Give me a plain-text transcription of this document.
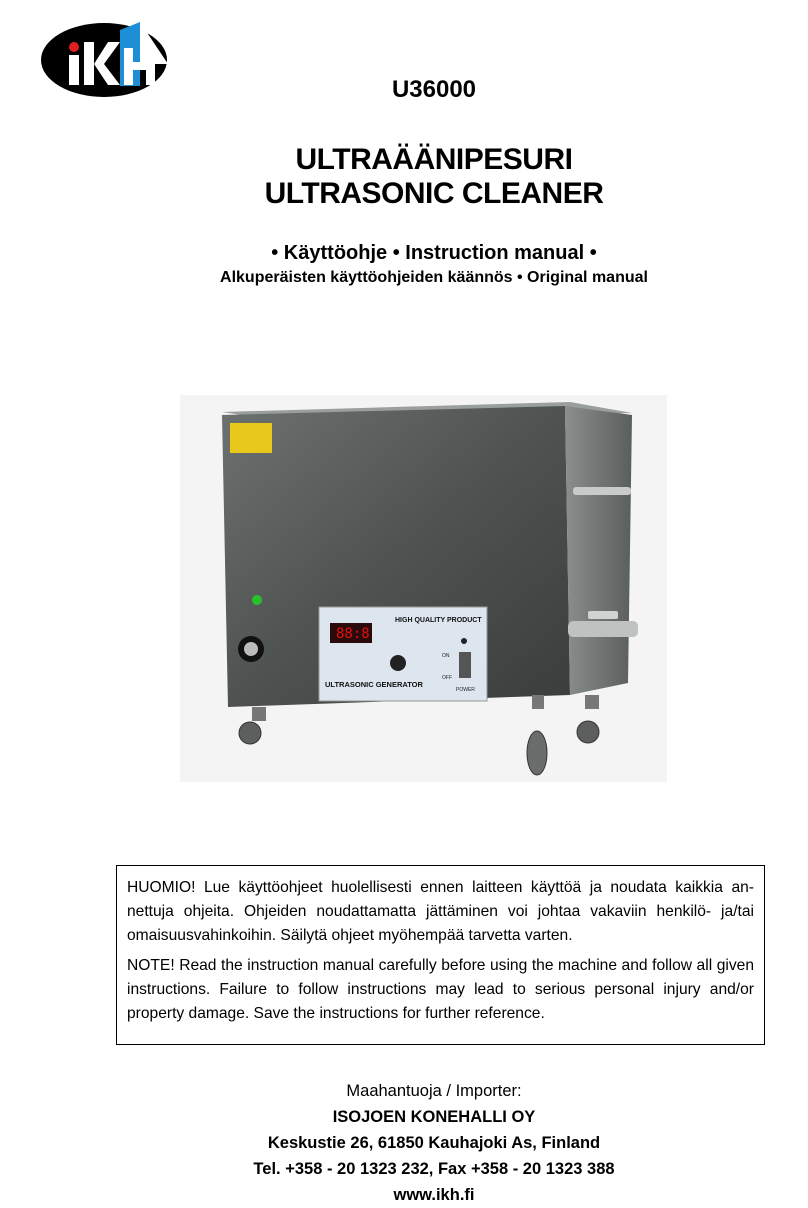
U36000
ULTRAÄÄNIPESURI
ULTRASONIC CLEANER
• Käyttöohje • Instruction manual •
Alkuperäisten käyttöohjeiden käännös • Original manual
88:8
HIGH QUALITY PRODUCT
ULTRASONIC GENERATOR
ON
OFF
POWER

HUOMIO! Lue käyttöohjeet huolellisesti ennen laitteen käyttöä ja noudata kaikkia an-nettuja ohjeita. Ohjeiden noudattamatta jättäminen voi johtaa vakaviin henkilö- ja/tai omaisuusvahinkoihin. Säilytä ohjeet myöhempää tarvetta varten.

NOTE! Read the instruction manual carefully before using the machine and follow all given instructions. Failure to follow instructions may lead to serious personal injury and/or property damage. Save the instructions for further reference.

Maahantuoja / Importer:
ISOJOEN KONEHALLI OY
Keskustie 26, 61850 Kauhajoki As, Finland
Tel. +358 - 20 1323 232, Fax +358 - 20 1323 388
www.ikh.fi
